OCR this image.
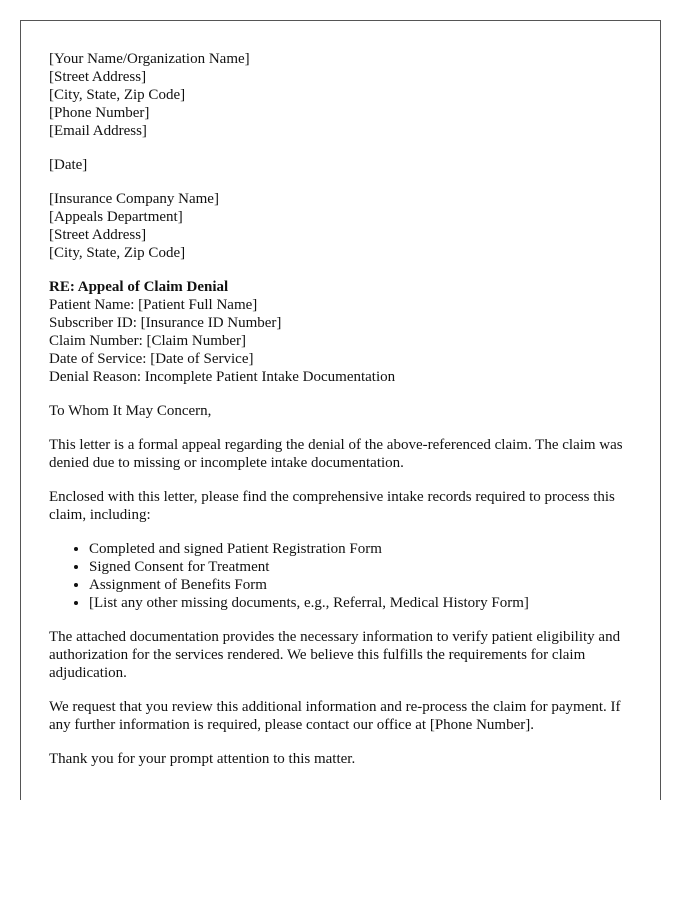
[Your Name/Organization Name]
[Street Address]
[City, State, Zip Code]
[Phone Number]
[Email Address]
[Date]
[Insurance Company Name]
[Appeals Department]
[Street Address]
[City, State, Zip Code]
RE: Appeal of Claim Denial
Patient Name: [Patient Full Name]
Subscriber ID: [Insurance ID Number]
Claim Number: [Claim Number]
Date of Service: [Date of Service]
Denial Reason: Incomplete Patient Intake Documentation

To Whom It May Concern,

This letter is a formal appeal regarding the denial of the above-referenced claim. The claim was denied due to missing or incomplete intake documentation.

Enclosed with this letter, please find the comprehensive intake records required to process this claim, including:

• Completed and signed Patient Registration Form
• Signed Consent for Treatment
• Assignment of Benefits Form
• [List any other missing documents, e.g., Referral, Medical History Form]

The attached documentation provides the necessary information to verify patient eligibility and authorization for the services rendered. We believe this fulfills the requirements for claim adjudication.

We request that you review this additional information and re-process the claim for payment. If any further information is required, please contact our office at [Phone Number].

Thank you for your prompt attention to this matter.
